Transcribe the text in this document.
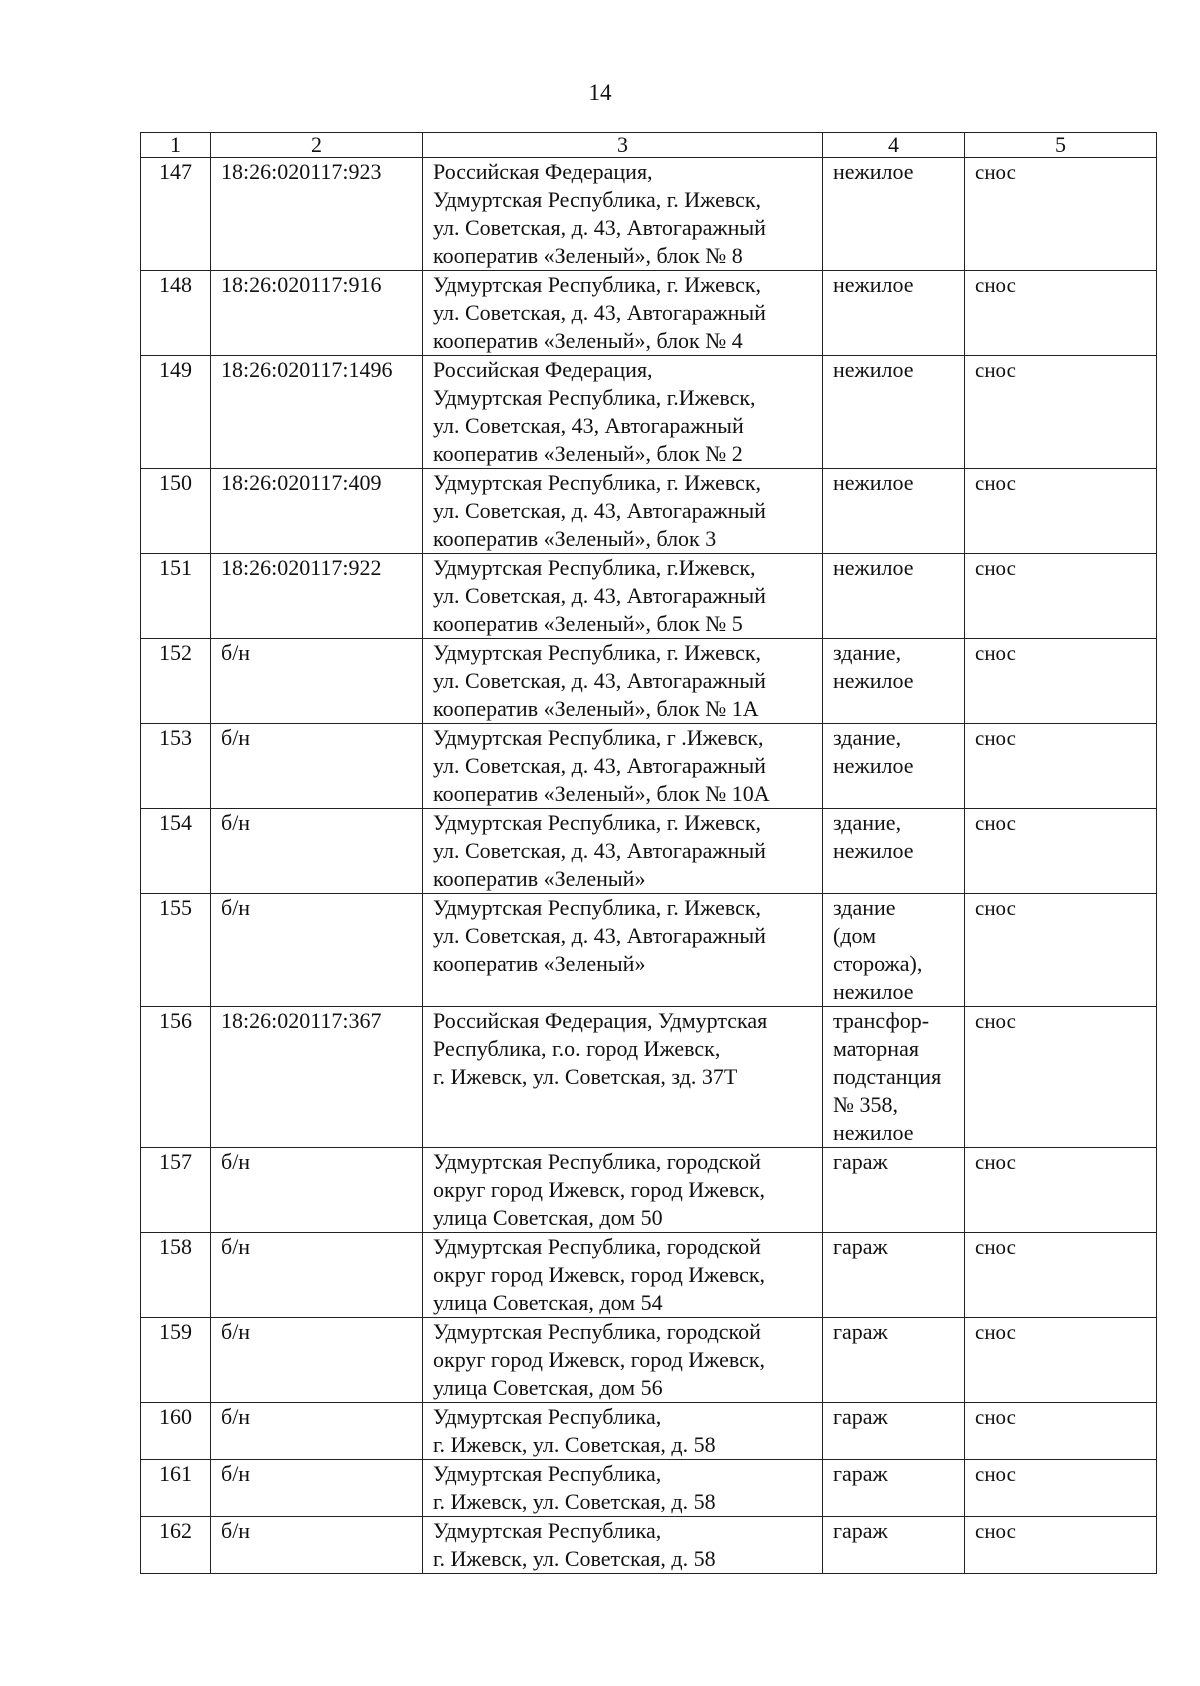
14
1	2	3	4	5
147	18:26:020117:923	Российская Федерация,
Удмуртская Республика, г. Ижевск,
ул. Советская, д. 43, Автогаражный
кооператив «Зеленый», блок № 8	нежилое	снос
148	18:26:020117:916	Удмуртская Республика, г. Ижевск,
ул. Советская, д. 43, Автогаражный
кооператив «Зеленый», блок № 4	нежилое	снос
149	18:26:020117:1496	Российская Федерация,
Удмуртская Республика, г.Ижевск,
ул. Советская, 43, Автогаражный
кооператив «Зеленый», блок № 2	нежилое	снос
150	18:26:020117:409	Удмуртская Республика, г. Ижевск,
ул. Советская, д. 43, Автогаражный
кооператив «Зеленый», блок 3	нежилое	снос
151	18:26:020117:922	Удмуртская Республика, г.Ижевск,
ул. Советская, д. 43, Автогаражный
кооператив «Зеленый», блок № 5	нежилое	снос
152	б/н	Удмуртская Республика, г. Ижевск,
ул. Советская, д. 43, Автогаражный
кооператив «Зеленый», блок № 1А	здание,
нежилое	снос
153	б/н	Удмуртская Республика, г .Ижевск,
ул. Советская, д. 43, Автогаражный
кооператив «Зеленый», блок № 10А	здание,
нежилое	снос
154	б/н	Удмуртская Республика, г. Ижевск,
ул. Советская, д. 43, Автогаражный
кооператив «Зеленый»	здание,
нежилое	снос
155	б/н	Удмуртская Республика, г. Ижевск,
ул. Советская, д. 43, Автогаражный
кооператив «Зеленый»	здание
(дом
сторожа),
нежилое	снос
156	18:26:020117:367	Российская Федерация, Удмуртская
Республика, г.о. город Ижевск,
г. Ижевск, ул. Советская, зд. 37Т	трансфор-
маторная
подстанция
№ 358,
нежилое	снос
157	б/н	Удмуртская Республика, городской
округ город Ижевск, город Ижевск,
улица Советская, дом 50	гараж	снос
158	б/н	Удмуртская Республика, городской
округ город Ижевск, город Ижевск,
улица Советская, дом 54	гараж	снос
159	б/н	Удмуртская Республика, городской
округ город Ижевск, город Ижевск,
улица Советская, дом 56	гараж	снос
160	б/н	Удмуртская Республика,
г. Ижевск, ул. Советская, д. 58	гараж	снос
161	б/н	Удмуртская Республика,
г. Ижевск, ул. Советская, д. 58	гараж	снос
162	б/н	Удмуртская Республика,
г. Ижевск, ул. Советская, д. 58	гараж	снос
